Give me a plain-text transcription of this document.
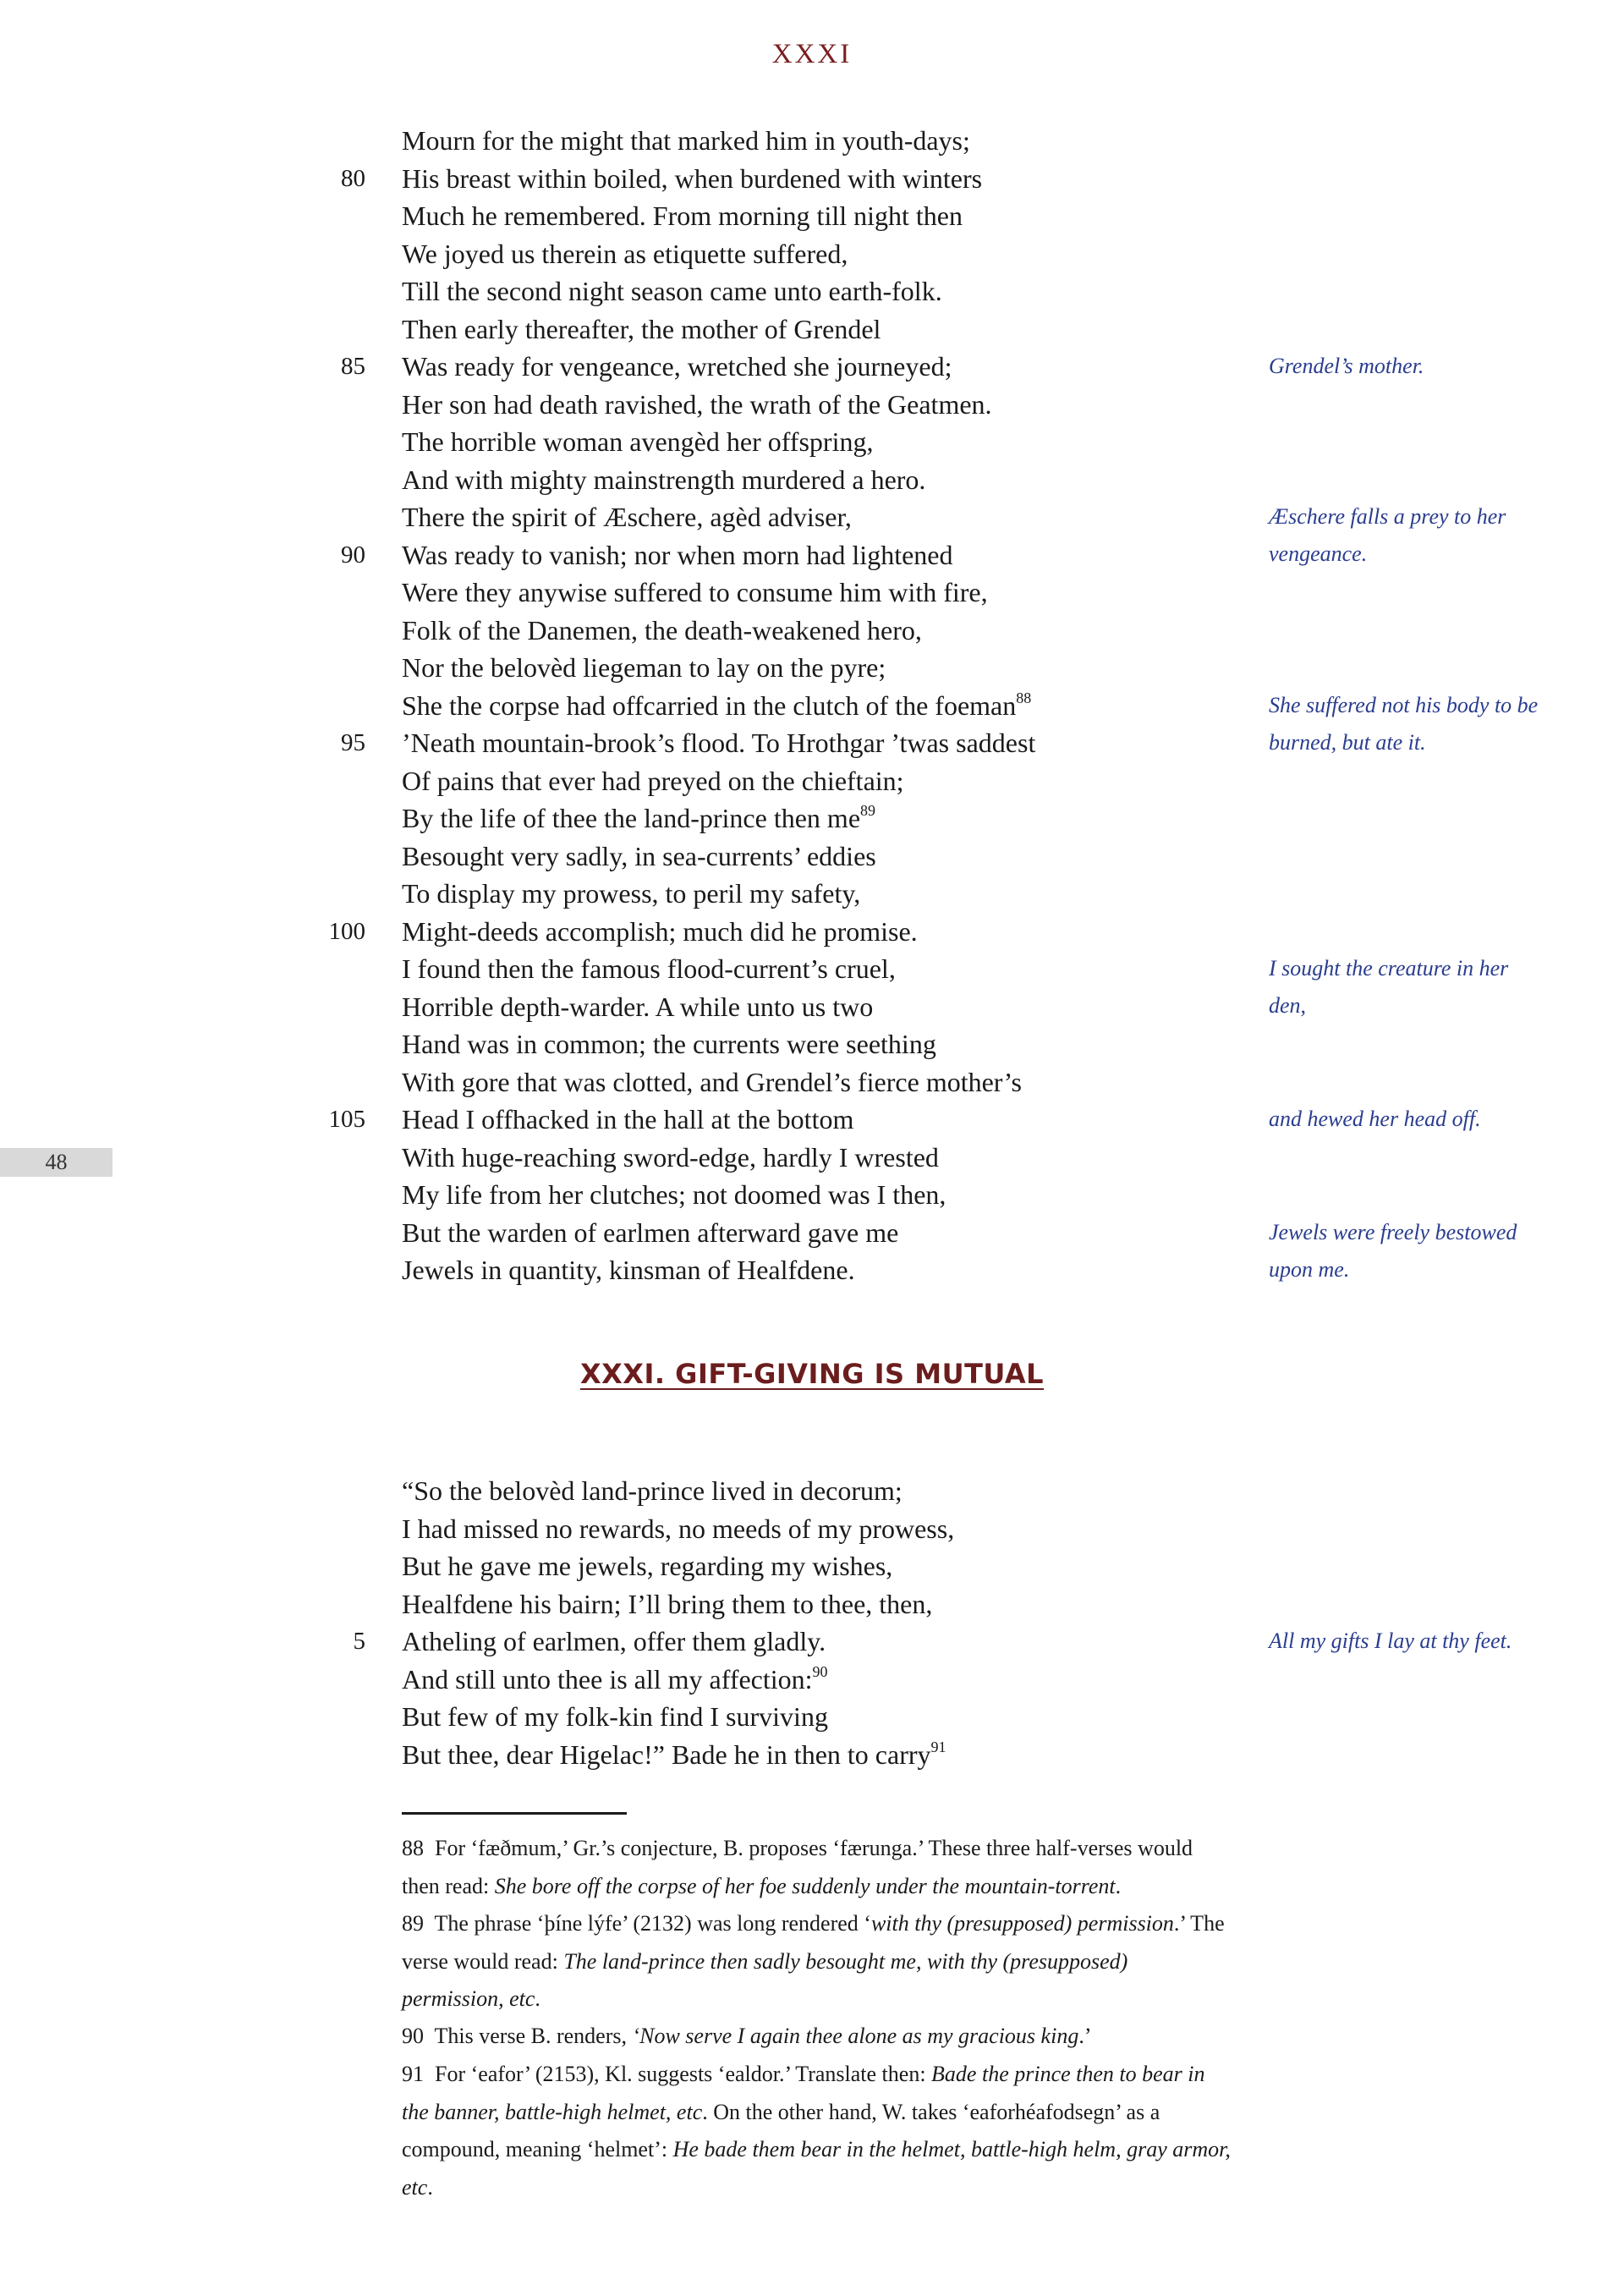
XXXI
48
Mourn for the might that marked him in youth-days;
80 His breast within boiled, when burdened with winters
Much he remembered. From morning till night then
We joyed us therein as etiquette suffered,
Till the second night season came unto earth-folk.
Then early thereafter, the mother of Grendel
85 Was ready for vengeance, wretched she journeyed;
Her son had death ravished, the wrath of the Geatmen.
The horrible woman avengèd her offspring,
And with mighty mainstrength murdered a hero.
There the spirit of Æschere, agèd adviser,
90 Was ready to vanish; nor when morn had lightened
Were they anywise suffered to consume him with fire,
Folk of the Danemen, the death-weakened hero,
Nor the belovèd liegeman to lay on the pyre;
She the corpse had offcarried in the clutch of the foeman$^{88}$
95 ’Neath mountain-brook’s flood. To Hrothgar ’twas saddest
Of pains that ever had preyed on the chieftain;
By the life of thee the land-prince then $me^{89}$
Besought very sadly, in sea-currents’ eddies
To display my prowess, to peril my safety,
100 Might-deeds accomplish; much did he promise.
I found then the famous flood-current’s cruel,
Horrible depth-warder. A while unto us two
Hand was in common; the currents were seething
With gore that was clotted, and Grendel’s fierce mother’s
105 Head I offhacked in the hall at the bottom
With huge-reaching sword-edge, hardly I wrested
My life from her clutches; not doomed was I then,
But the warden of earlmen afterward gave me
Jewels in quantity, kinsman of Healfdene.
Grendel’s mother.
Æschere falls a prey to her vengeance.
She suffered not his body to be burned, but ate it.
I sought the creature in her den,
and hewed her head off.
Jewels were freely bestowed upon me.
XXXI. GIFT-GIVING IS MUTUAL
“So the belovèd land-prince lived in decorum;
I had missed no rewards, no meeds of my prowess,
But he gave me jewels, regarding my wishes,
Healfdene his bairn; I’ll bring them to thee, then,
5 Atheling of earlmen, offer them gladly.
And still unto thee is all my affection:$^{90}$
But few of my folk-kin find I surviving
But thee, dear Higelac!” Bade he in then to carry$^{91}$
All my gifts I lay at thy feet.
88 For ‘fæðmum,’ Gr.’s conjecture, B. proposes ‘færunga.’ These three half-verses would then read: She bore off the corpse of her foe suddenly under the mountain-torrent.
89 The phrase ‘þíne lýfe’ (2132) was long rendered ‘with thy (presupposed) permission.’ The verse would read: The land-prince then sadly besought me, with thy (presupposed) permission, etc.
90 This verse B. renders, ‘Now serve I again thee alone as my gracious king.’
91 For ‘eafor’ (2153), Kl. suggests ‘ealdor.’ Translate then: Bade the prince then to bear in the banner, battle-high helmet, etc. On the other hand, W. takes ‘eaforhéafodsegn’ as a compound, meaning ‘helmet’: He bade them bear in the helmet, battle-high helm, gray armor, etc.
